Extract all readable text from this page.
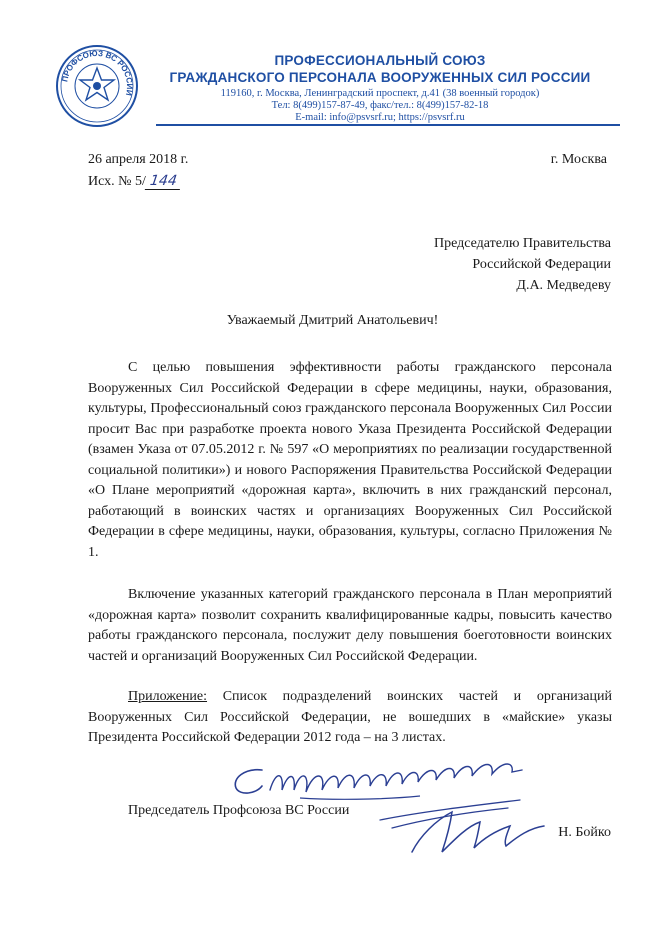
ПРОФСОЮЗ ВС РОССИИ
ПРОФЕССИОНАЛЬНЫЙ СОЮЗ
ГРАЖДАНСКОГО ПЕРСОНАЛА ВООРУЖЕННЫХ СИЛ РОССИИ
119160, г. Москва, Ленинградский проспект, д.41 (38 военный городок)
Тел: 8(499)157-87-49, факс/тел.: 8(499)157-82-18
E-mail: info@psvsrf.ru; https://psvsrf.ru
26 апреля 2018 г.	г. Москва
Исх. № 5/ 144
Председателю Правительства
Российской Федерации
Д.А. Медведеву
Уважаемый Дмитрий Анатольевич!
С целью повышения эффективности работы гражданского персонала Вооруженных Сил Российской Федерации в сфере медицины, науки, образования, культуры, Профессиональный союз гражданского персонала Вооруженных Сил России просит Вас при разработке проекта нового Указа Президента Российской Федерации (взамен Указа от 07.05.2012 г. № 597 «О мероприятиях по реализации государственной социальной политики») и нового Распоряжения Правительства Российской Федерации «О Плане мероприятий «дорожная карта», включить в них гражданский персонал, работающий в воинских частях и организациях Вооруженных Сил Российской Федерации в сфере медицины, науки, образования, культуры, согласно Приложения № 1.
Включение указанных категорий гражданского персонала в План мероприятий «дорожная карта» позволит сохранить квалифицированные кадры, повысить качество работы гражданского персонала, послужит делу повышения боеготовности воинских частей и организаций Вооруженных Сил Российской Федерации.
Приложение: Список подразделений воинских частей и организаций Вооруженных Сил Российской Федерации, не вошедших в «майские» указы Президента Российской Федерации 2012 года – на 3 листах.
Председатель Профсоюза ВС России
Н. Бойко
